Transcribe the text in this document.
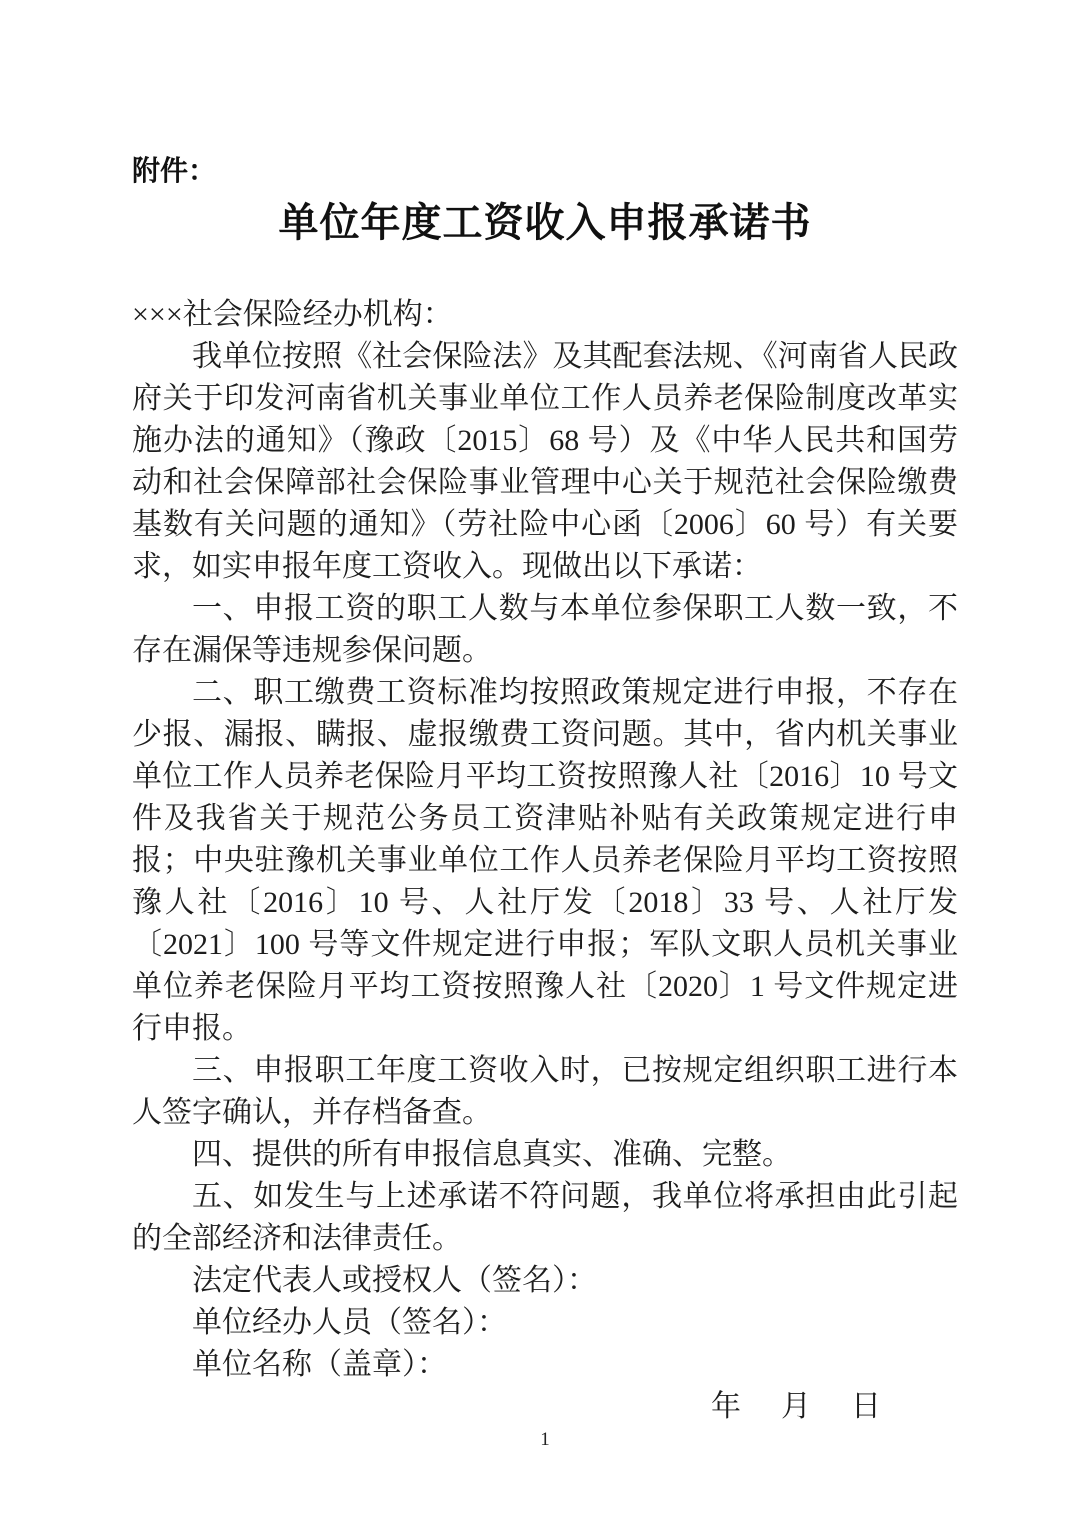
附件：
单位年度工资收入申报承诺书

×××社会保险经办机构：

我单位按照《社会保险法》及其配套法规、《河南省人民政府关于印发河南省机关事业单位工作人员养老保险制度改革实施办法的通知》（豫政〔2015〕68 号）及《中华人民共和国劳动和社会保障部社会保险事业管理中心关于规范社会保险缴费基数有关问题的通知》（劳社险中心函〔2006〕60 号）有关要求，如实申报年度工资收入。现做出以下承诺：

一、申报工资的职工人数与本单位参保职工人数一致，不存在漏保等违规参保问题。

二、职工缴费工资标准均按照政策规定进行申报，不存在少报、漏报、瞒报、虚报缴费工资问题。其中，省内机关事业单位工作人员养老保险月平均工资按照豫人社〔2016〕10 号文件及我省关于规范公务员工资津贴补贴有关政策规定进行申报；中央驻豫机关事业单位工作人员养老保险月平均工资按照豫人社〔2016〕10 号、人社厅发〔2018〕33 号、人社厅发〔2021〕100 号等文件规定进行申报；军队文职人员机关事业单位养老保险月平均工资按照豫人社〔2020〕1 号文件规定进行申报。

三、申报职工年度工资收入时，已按规定组织职工进行本人签字确认，并存档备查。

四、提供的所有申报信息真实、准确、完整。

五、如发生与上述承诺不符问题，我单位将承担由此引起的全部经济和法律责任。

法定代表人或授权人（签名）：

单位经办人员（签名）：

单位名称（盖章）：

年　月　日

1
